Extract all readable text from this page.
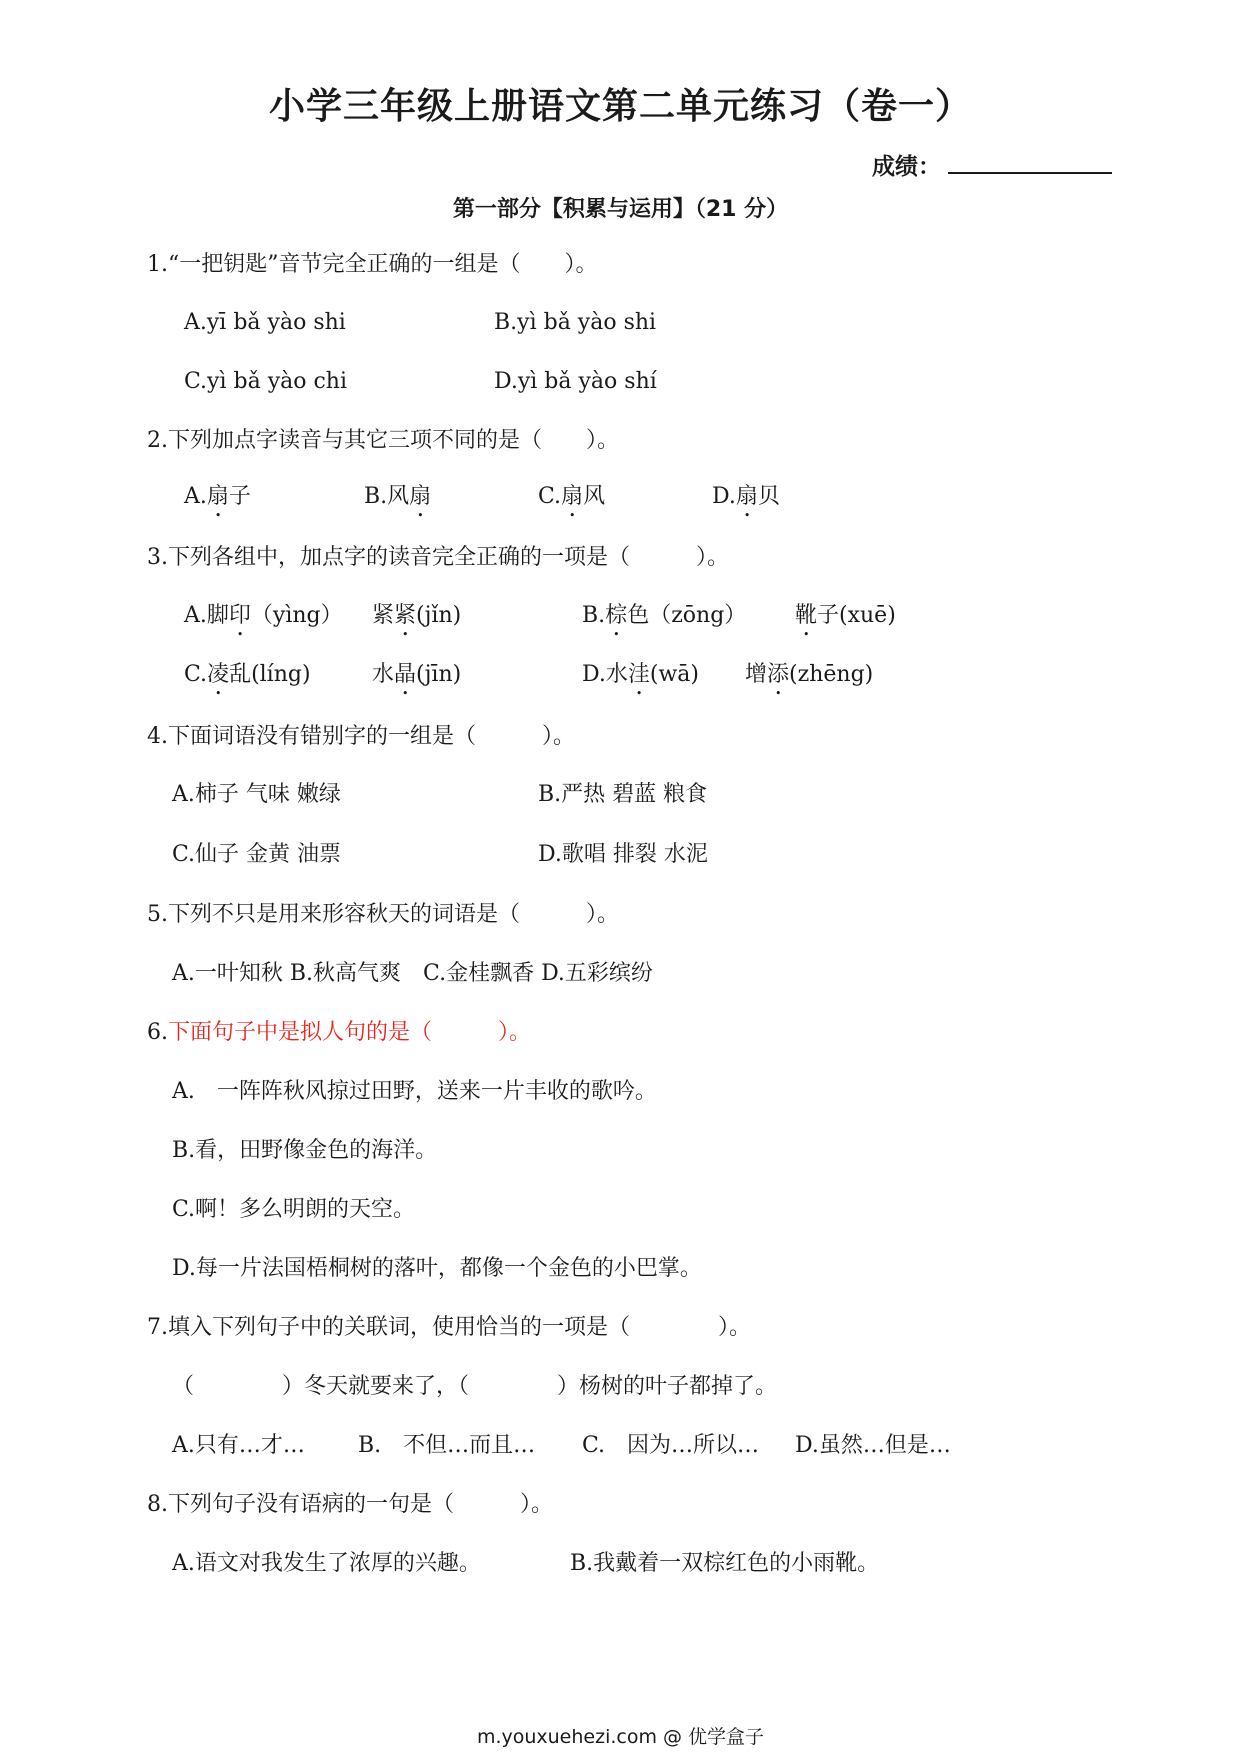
小学三年级上册语文第二单元练习（卷一）
成绩：
第一部分【积累与运用】（21 分）
1.“一把钥匙”音节完全正确的一组是（　　）。
A.yī bǎ yào shi	B.yì bǎ yào shi
C.yì bǎ yào chi	D.yì bǎ yào shí
2.下列加点字读音与其它三项不同的是（　　）。
A.扇子	B.风扇	C.扇风	D.扇贝
3.下列各组中，加点字的读音完全正确的一项是（　　　）。
A.脚印（yìng） 紧紧(jǐn)	B.棕色（zōng） 靴子(xuē)
C.凌乱(líng)	水晶(jīn)	D.水洼(wā) 增添(zhēng)
4.下面词语没有错别字的一组是（　　　）。
A.柿子 气味 嫩绿	B.严热 碧蓝 粮食
C.仙子 金黄 油票	D.歌唱 排裂 水泥
5.下列不只是用来形容秋天的词语是（　　　）。
A.一叶知秋 B.秋高气爽　C.金桂飘香 D.五彩缤纷
6.下面句子中是拟人句的是（　　　）。
A.　一阵阵秋风掠过田野，送来一片丰收的歌吟。
B.看，田野像金色的海洋。
C.啊！多么明朗的天空。
D.每一片法国梧桐树的落叶，都像一个金色的小巴掌。
7.填入下列句子中的关联词，使用恰当的一项是（　　　　）。
（　　　　）冬天就要来了，（　　　　）杨树的叶子都掉了。
A.只有…才… B.　不但…而且… C.　因为…所以… D.虽然…但是…
8.下列句子没有语病的一句是（　　　）。
A.语文对我发生了浓厚的兴趣。	B.我戴着一双棕红色的小雨靴。
m.youxuehezi.com @ 优学盒子
